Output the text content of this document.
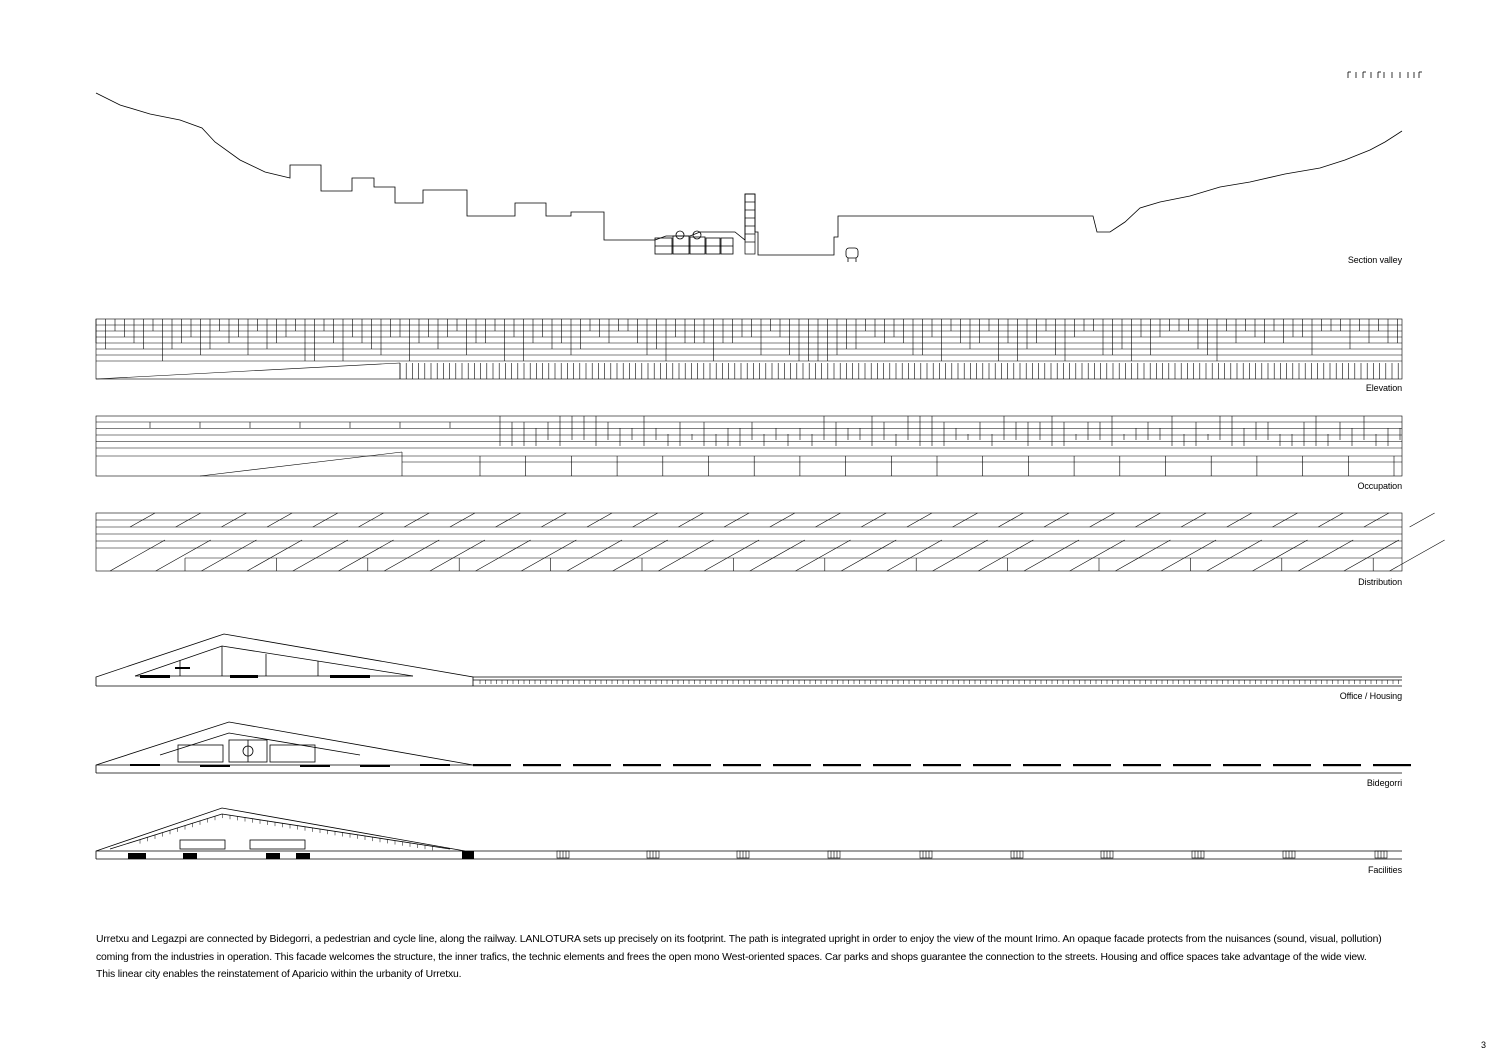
Section valley
Elevation
Occupation
Distribution
Office / Housing
Bidegorri
Facilities

Urretxu and Legazpi are connected by Bidegorri, a pedestrian and cycle line, along the railway. LANLOTURA sets up precisely on its footprint. The path is integrated upright in order to enjoy the view of the mount Irimo. An opaque facade protects from the nuisances (sound, visual, pollution)

coming from the industries in operation. This facade welcomes the structure, the inner trafics, the technic elements and frees the open mono West-oriented spaces. Car parks and shops guarantee the connection to the streets. Housing and office spaces take advantage of the wide view.

This linear city enables the reinstatement of Aparicio within the urbanity of Urretxu.

3
